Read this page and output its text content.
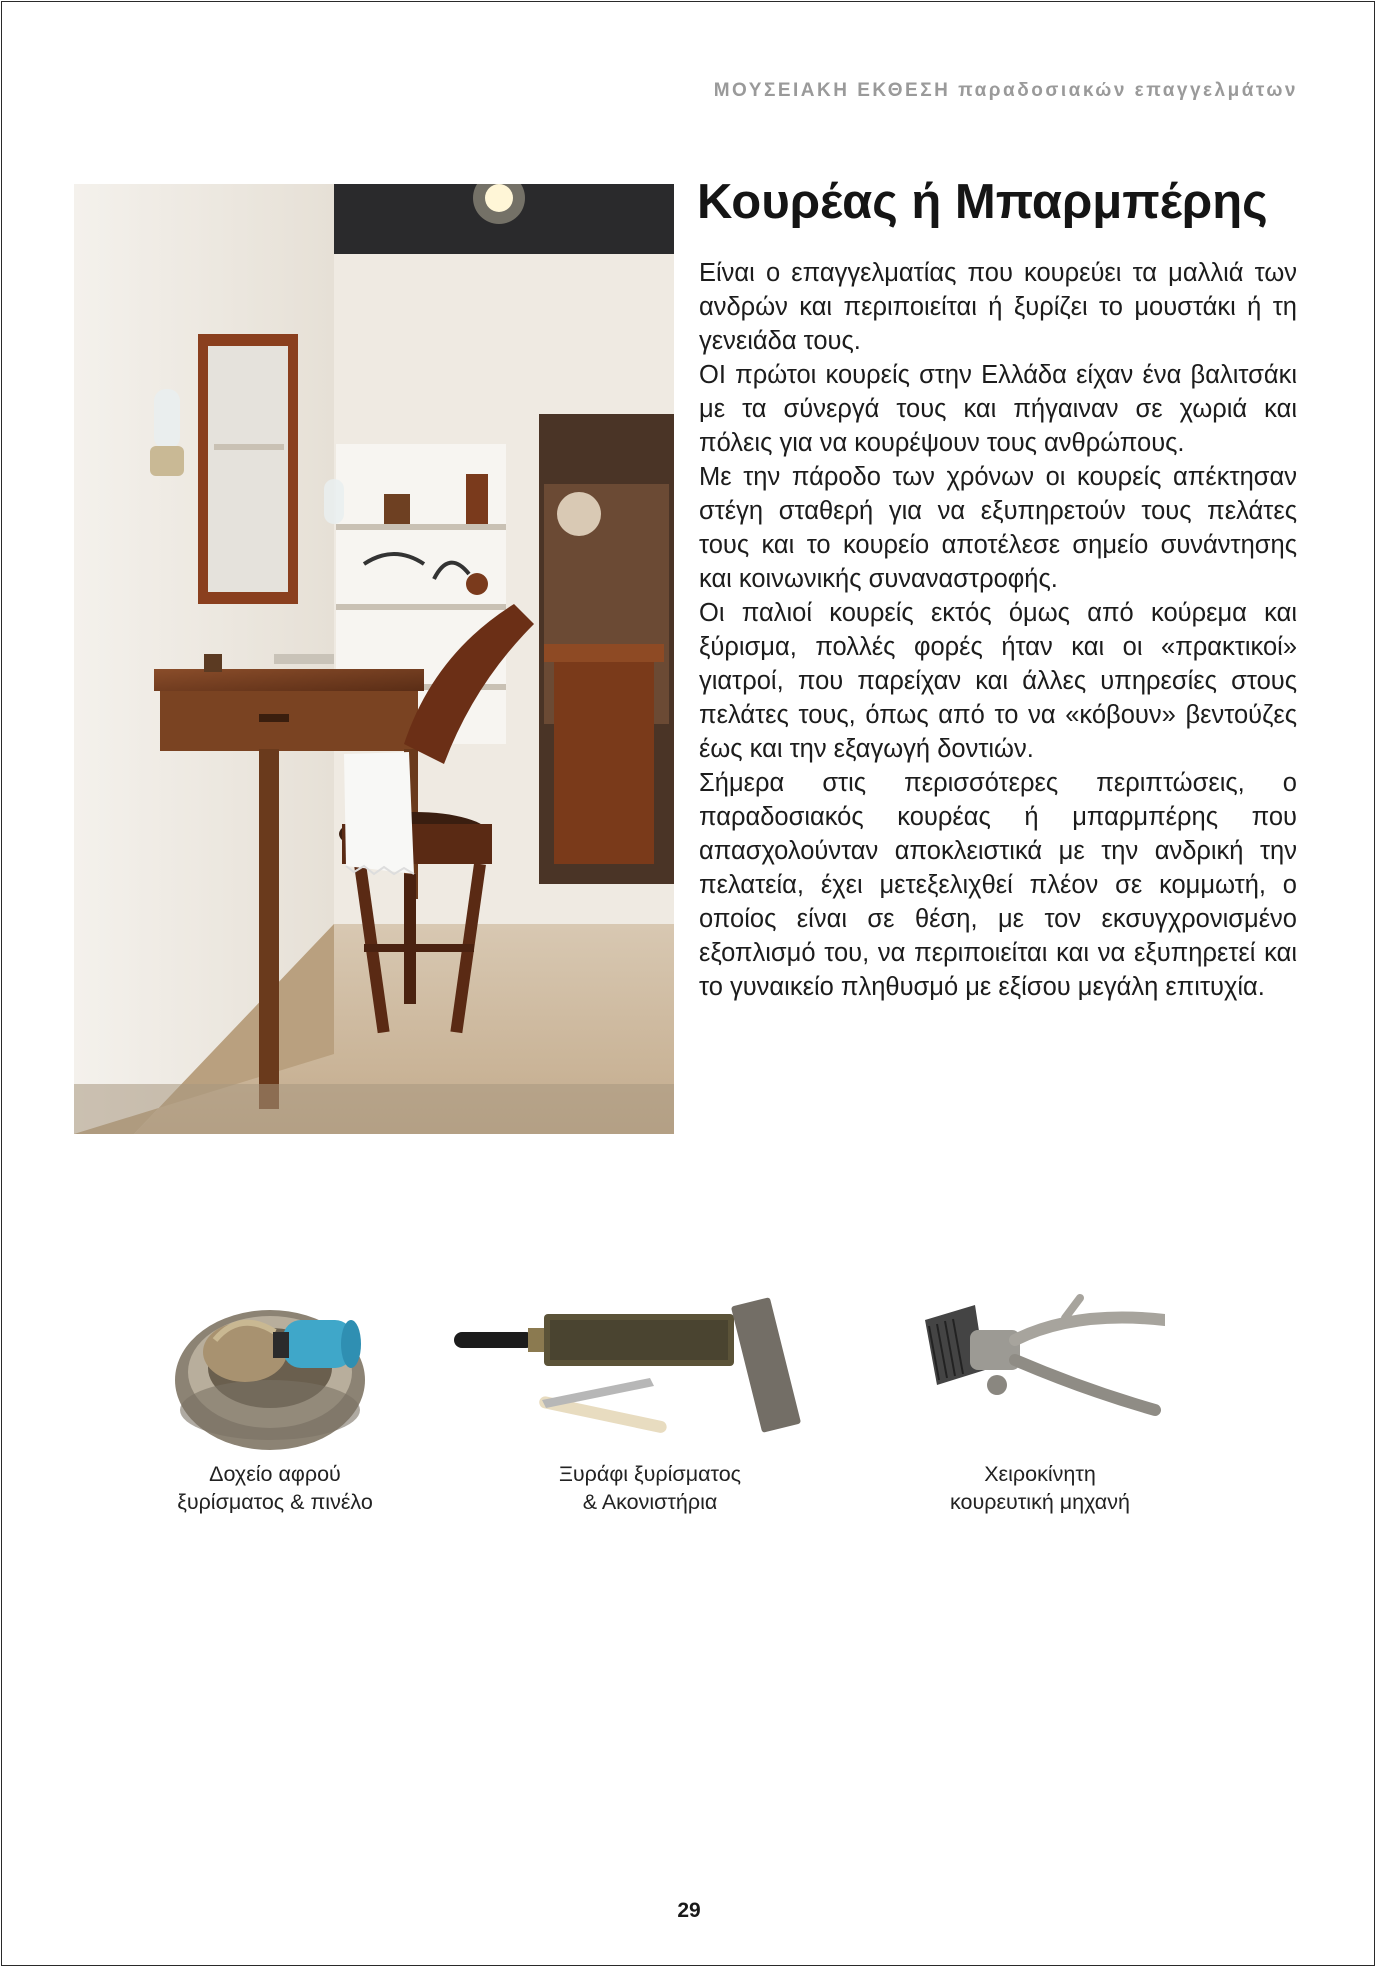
ΜΟΥΣΕΙΑΚΗ ΕΚΘΕΣΗ παραδοσιακών επαγγελμάτων
Κουρέας ή Μπαρμπέρης

Είναι ο επαγγελματίας που κουρεύει τα μαλλιά των ανδρών και περιποιείται ή ξυρίζει το μουστάκι ή τη γενειάδα τους.

ΟΙ πρώτοι κουρείς στην Ελλάδα είχαν ένα βαλιτσάκι με τα σύνεργά τους και πήγαιναν σε χωριά και πόλεις για να κουρέψουν τους ανθρώπους.

Με την πάροδο των χρόνων οι κουρείς απέκτησαν στέγη σταθερή για να εξυπηρετούν τους πελάτες τους και το κουρείο αποτέλεσε σημείο συνάντησης και κοινωνικής συναναστροφής.

Οι παλιοί κουρείς εκτός όμως από κούρεμα και ξύρισμα, πολλές φορές ήταν και οι «πρακτικοί» γιατροί, που παρείχαν και άλλες υπηρεσίες στους πελάτες τους, όπως από το να «κόβουν» βεντούζες έως και την εξαγωγή δοντιών.

Σήμερα στις περισσότερες περιπτώσεις, ο παραδοσιακός κουρέας ή μπαρμπέρης που απασχολούνταν αποκλειστικά με την ανδρική την πελατεία, έχει μετεξελιχθεί πλέον σε κομμωτή, ο οποίος είναι σε θέση, με τον εκσυγχρονισμένο εξοπλισμό του, να περιποιείται και να εξυπηρετεί και το γυναικείο πληθυσμό με εξίσου μεγάλη επιτυχία.

Δοχείο αφρού
ξυρίσματος & πινέλο
Ξυράφι ξυρίσματος
& Ακονιστήρια
Χειροκίνητη
κουρευτική μηχανή
29
